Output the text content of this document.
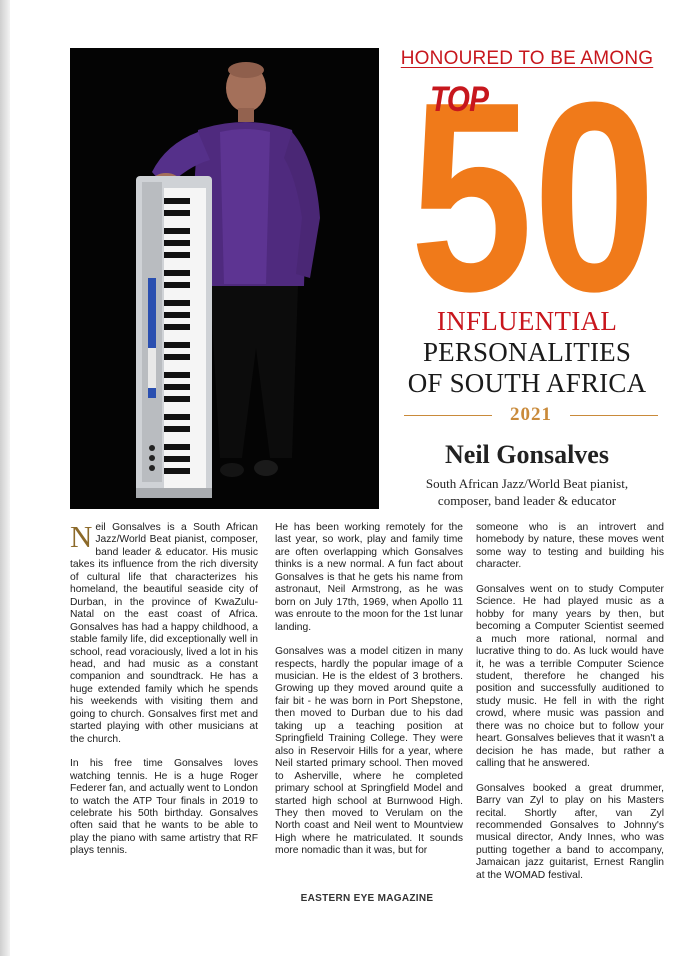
HONOURED TO BE AMONG
50
TOP
INFLUENTIAL
PERSONALITIES
OF SOUTH AFRICA
2021
Neil Gonsalves
South African Jazz/World Beat pianist,
composer, band leader & educator

Neil Gonsalves is a South African Jazz/World Beat pianist, composer, band leader & educator. His music takes its influence from the rich diversity of cultural life that characterizes his homeland, the beautiful seaside city of Durban, in the province of KwaZulu-Natal on the east coast of Africa. Gonsalves has had a happy childhood, a stable family life, did exceptionally well in school, read voraciously, lived a lot in his head, and had music as a constant companion and soundtrack. He has a huge extended family which he spends his weekends with visiting them and going to church. Gonsalves first met and started playing with other musicians at the church.

In his free time Gonsalves loves watching tennis. He is a huge Roger Federer fan, and actually went to London to watch the ATP Tour finals in 2019 to celebrate his 50th birthday. Gonsalves often said that he wants to be able to play the piano with same artistry that RF plays tennis.

He has been working remotely for the last year, so work, play and family time are often overlapping which Gonsalves thinks is a new normal. A fun fact about Gonsalves is that he gets his name from astronaut, Neil Armstrong, as he was born on July 17th, 1969, when Apollo 11 was enroute to the moon for the 1st lunar landing.

Gonsalves was a model citizen in many respects, hardly the popular image of a musician. He is the eldest of 3 brothers. Growing up they moved around quite a fair bit - he was born in Port Shepstone, then moved to Durban due to his dad taking up a teaching position at Springfield Training College. They were also in Reservoir Hills for a year, where Neil started primary school. Then moved to Asherville, where he completed primary school at Springfield Model and started high school at Burnwood High. They then moved to Verulam on the North coast and Neil went to Mountview High where he matriculated. It sounds more nomadic than it was, but for

someone who is an introvert and homebody by nature, these moves went some way to testing and building his character.

Gonsalves went on to study Computer Science. He had played music as a hobby for many years by then, but becoming a Computer Scientist seemed a much more rational, normal and lucrative thing to do. As luck would have it, he was a terrible Computer Science student, therefore he changed his position and successfully auditioned to study music. He fell in with the right crowd, where music was passion and there was no choice but to follow your heart. Gonsalves believes that it wasn't a decision he has made, but rather a calling that he answered.

Gonsalves booked a great drummer, Barry van Zyl to play on his Masters recital. Shortly after, van Zyl recommended Gonsalves to Johnny's musical director, Andy Innes, who was putting together a band to accompany, Jamaican jazz guitarist, Ernest Ranglin at the WOMAD festival.

EASTERN EYE MAGAZINE
